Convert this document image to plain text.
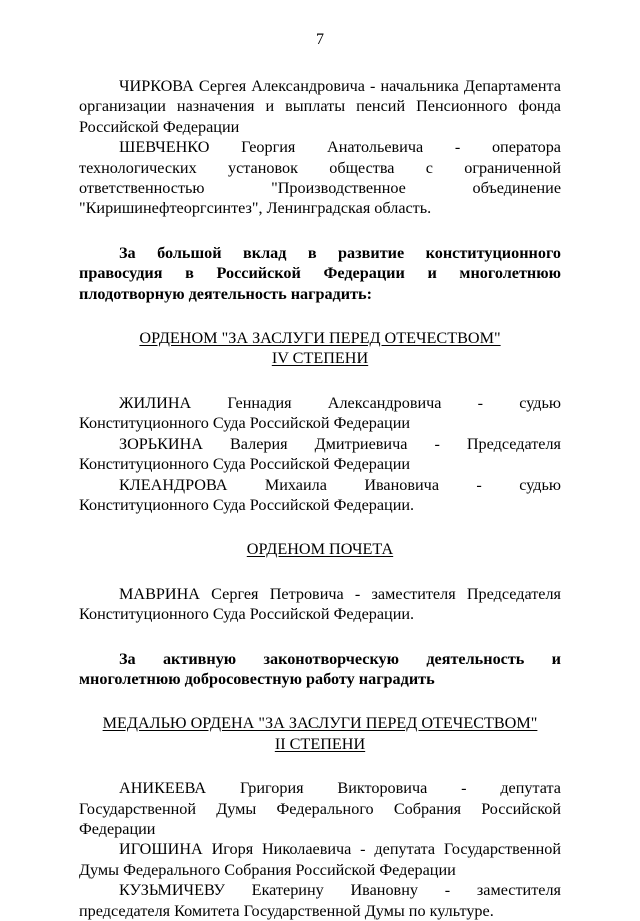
7

ЧИРКОВА Сергея Александровича - начальника Департамента организации назначения и выплаты пенсий Пенсионного фонда Российской Федерации

ШЕВЧЕНКО Георгия Анатольевича - оператора технологических установок общества с ограниченной ответственностью "Производственное объединение "Киришинефтеоргсинтез", Ленинградская область.

За большой вклад в развитие конституционного правосудия в Российской Федерации и многолетнюю плодотворную деятельность наградить:

ОРДЕНОМ "ЗА ЗАСЛУГИ ПЕРЕД ОТЕЧЕСТВОМ"

IV СТЕПЕНИ

ЖИЛИНА Геннадия Александровича - судью Конституционного Суда Российской Федерации

ЗОРЬКИНА Валерия Дмитриевича - Председателя Конституционного Суда Российской Федерации

КЛЕАНДРОВА Михаила Ивановича - судью Конституционного Суда Российской Федерации.

ОРДЕНОМ ПОЧЕТА

МАВРИНА Сергея Петровича - заместителя Председателя Конституционного Суда Российской Федерации.

За активную законотворческую деятельность и многолетнюю добросовестную работу наградить

МЕДАЛЬЮ ОРДЕНА "ЗА ЗАСЛУГИ ПЕРЕД ОТЕЧЕСТВОМ"

II СТЕПЕНИ

АНИКЕЕВА Григория Викторовича - депутата Государственной Думы Федерального Собрания Российской Федерации

ИГОШИНА Игоря Николаевича - депутата Государственной Думы Федерального Собрания Российской Федерации

КУЗЬМИЧЕВУ Екатерину Ивановну - заместителя председателя Комитета Государственной Думы по культуре.
